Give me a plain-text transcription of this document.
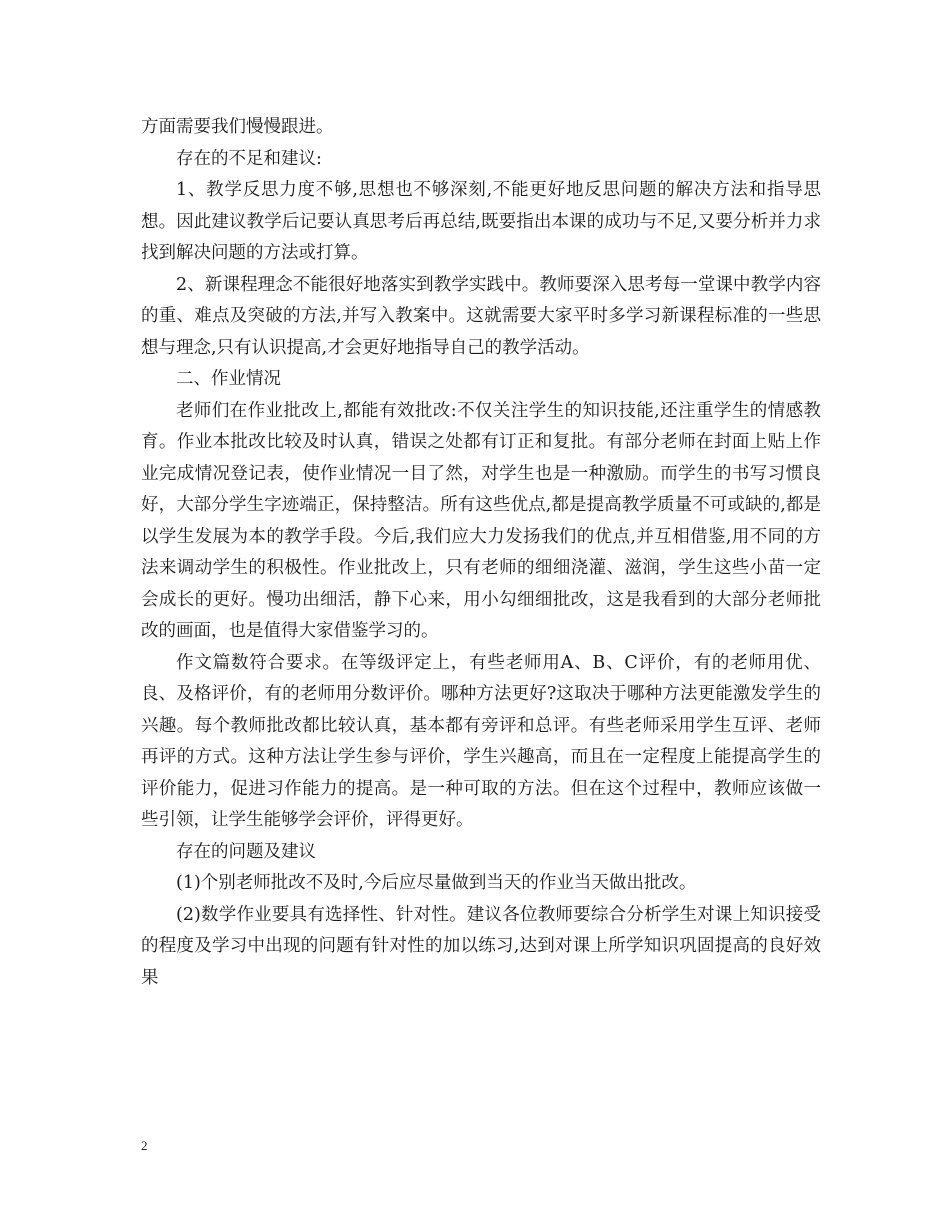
方面需要我们慢慢跟进。

存在的不足和建议:

1、教学反思力度不够,思想也不够深刻,不能更好地反思问题的解决方法和指导思想。因此建议教学后记要认真思考后再总结,既要指出本课的成功与不足,又要分析并力求找到解决问题的方法或打算。

2、新课程理念不能很好地落实到教学实践中。教师要深入思考每一堂课中教学内容的重、难点及突破的方法,并写入教案中。这就需要大家平时多学习新课程标准的一些思想与理念,只有认识提高,才会更好地指导自己的教学活动。

二、作业情况

老师们在作业批改上,都能有效批改:不仅关注学生的知识技能,还注重学生的情感教育。作业本批改比较及时认真，错误之处都有订正和复批。有部分老师在封面上贴上作业完成情况登记表，使作业情况一目了然，对学生也是一种激励。而学生的书写习惯良好，大部分学生字迹端正，保持整洁。所有这些优点,都是提高教学质量不可或缺的,都是以学生发展为本的教学手段。今后,我们应大力发扬我们的优点,并互相借鉴,用不同的方法来调动学生的积极性。作业批改上，只有老师的细细浇灌、滋润，学生这些小苗一定会成长的更好。慢功出细活，静下心来，用小勾细细批改，这是我看到的大部分老师批改的画面，也是值得大家借鉴学习的。

作文篇数符合要求。在等级评定上，有些老师用A、B、C评价，有的老师用优、良、及格评价，有的老师用分数评价。哪种方法更好?这取决于哪种方法更能激发学生的兴趣。每个教师批改都比较认真，基本都有旁评和总评。有些老师采用学生互评、老师再评的方式。这种方法让学生参与评价，学生兴趣高，而且在一定程度上能提高学生的评价能力，促进习作能力的提高。是一种可取的方法。但在这个过程中，教师应该做一些引领，让学生能够学会评价，评得更好。

存在的问题及建议

(1)个别老师批改不及时,今后应尽量做到当天的作业当天做出批改。

(2)数学作业要具有选择性、针对性。建议各位教师要综合分析学生对课上知识接受的程度及学习中出现的问题有针对性的加以练习,达到对课上所学知识巩固提高的良好效果

2
